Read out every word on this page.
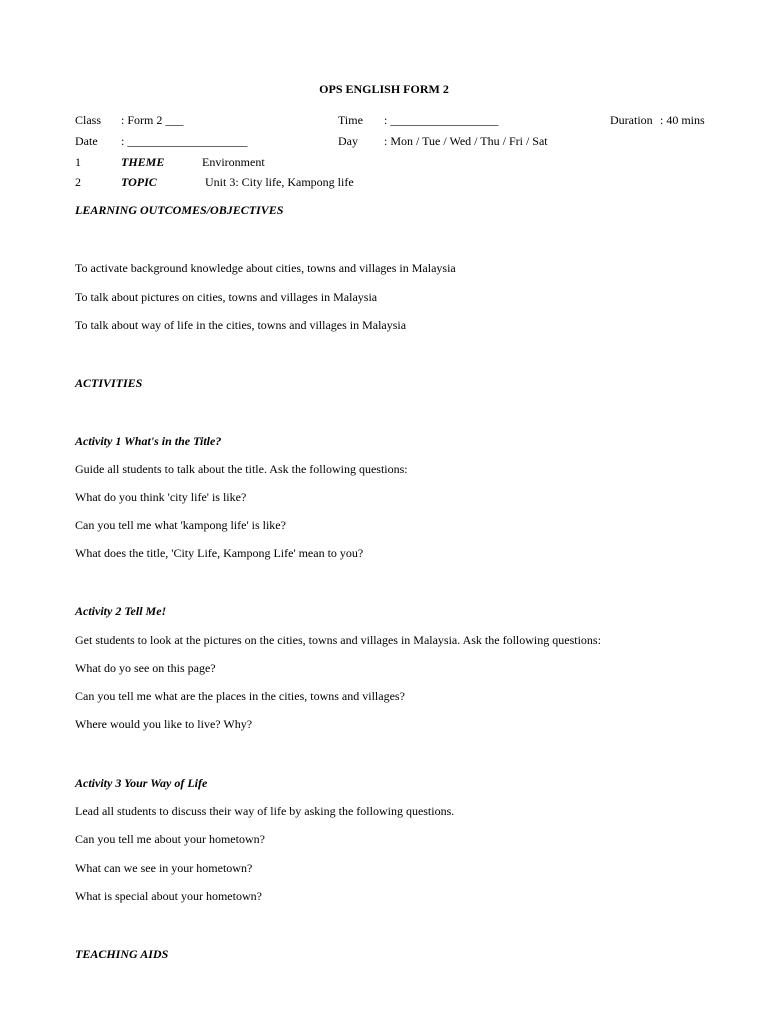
OPS ENGLISH FORM 2
Class : Form 2 ___	Time : __________________	Duration : 40 mins
Date : ____________________	Day : Mon / Tue / Wed / Thu / Fri / Sat
1	THEME	Environment
2	TOPIC	Unit 3: City life, Kampong life
LEARNING OUTCOMES/OBJECTIVES
To activate background knowledge about cities, towns and villages in Malaysia
To talk about pictures on cities, towns and villages in Malaysia
To talk about way of life in the cities, towns and villages in Malaysia
ACTIVITIES
Activity 1 What's in the Title?
Guide all students to talk about the title. Ask the following questions:
What do you think 'city life' is like?
Can you tell me what 'kampong life' is like?
What does the title, 'City Life, Kampong Life' mean to you?
Activity 2 Tell Me!
Get students to look at the pictures on the cities, towns and villages in Malaysia. Ask the following questions:
What do yo see on this page?
Can you tell me what are the places in the cities, towns and villages?
Where would you like to live? Why?
Activity 3 Your Way of Life
Lead all students to discuss their way of life by asking the following questions.
Can you tell me about your hometown?
What can we see in your hometown?
What is special about your hometown?
TEACHING AIDS
